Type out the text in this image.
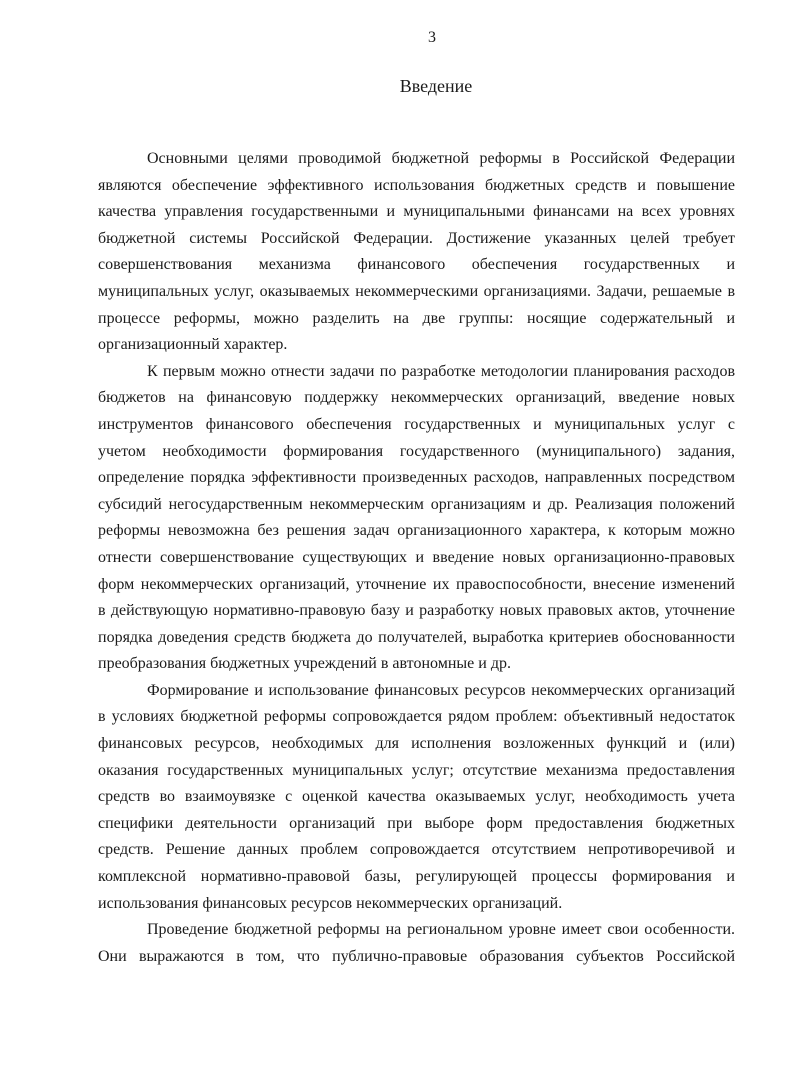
3
Введение
Основными целями проводимой бюджетной реформы в Российской Федерации
являются обеспечение эффективного использования бюджетных средств и повышение
качества управления государственными и муниципальными финансами на всех уровнях
бюджетной системы Российской Федерации. Достижение указанных целей требует
совершенствования механизма финансового обеспечения государственных и
муниципальных услуг, оказываемых некоммерческими организациями. Задачи, решаемые в
процессе реформы, можно разделить на две группы: носящие содержательный и
организационный характер.
К первым можно отнести задачи по разработке методологии планирования расходов
бюджетов на финансовую поддержку некоммерческих организаций, введение новых
инструментов финансового обеспечения государственных и муниципальных услуг с
учетом необходимости формирования государственного (муниципального) задания,
определение порядка эффективности произведенных расходов, направленных посредством
субсидий негосударственным некоммерческим организациям и др. Реализация положений
реформы невозможна без решения задач организационного характера, к которым можно
отнести совершенствование существующих и введение новых организационно-правовых
форм некоммерческих организаций, уточнение их правоспособности, внесение изменений
в действующую нормативно-правовую базу и разработку новых правовых актов, уточнение
порядка доведения средств бюджета до получателей, выработка критериев обоснованности
преобразования бюджетных учреждений в автономные и др.
Формирование и использование финансовых ресурсов некоммерческих организаций
в условиях бюджетной реформы сопровождается рядом проблем: объективный недостаток
финансовых ресурсов, необходимых для исполнения возложенных функций и (или)
оказания государственных муниципальных услуг; отсутствие механизма предоставления
средств во взаимоувязке с оценкой качества оказываемых услуг, необходимость учета
специфики деятельности организаций при выборе форм предоставления бюджетных
средств. Решение данных проблем сопровождается отсутствием непротиворечивой и
комплексной нормативно-правовой базы, регулирующей процессы формирования и
использования финансовых ресурсов некоммерческих организаций.
Проведение бюджетной реформы на региональном уровне имеет свои особенности.
Они выражаются в том, что публично-правовые образования субъектов Российской
